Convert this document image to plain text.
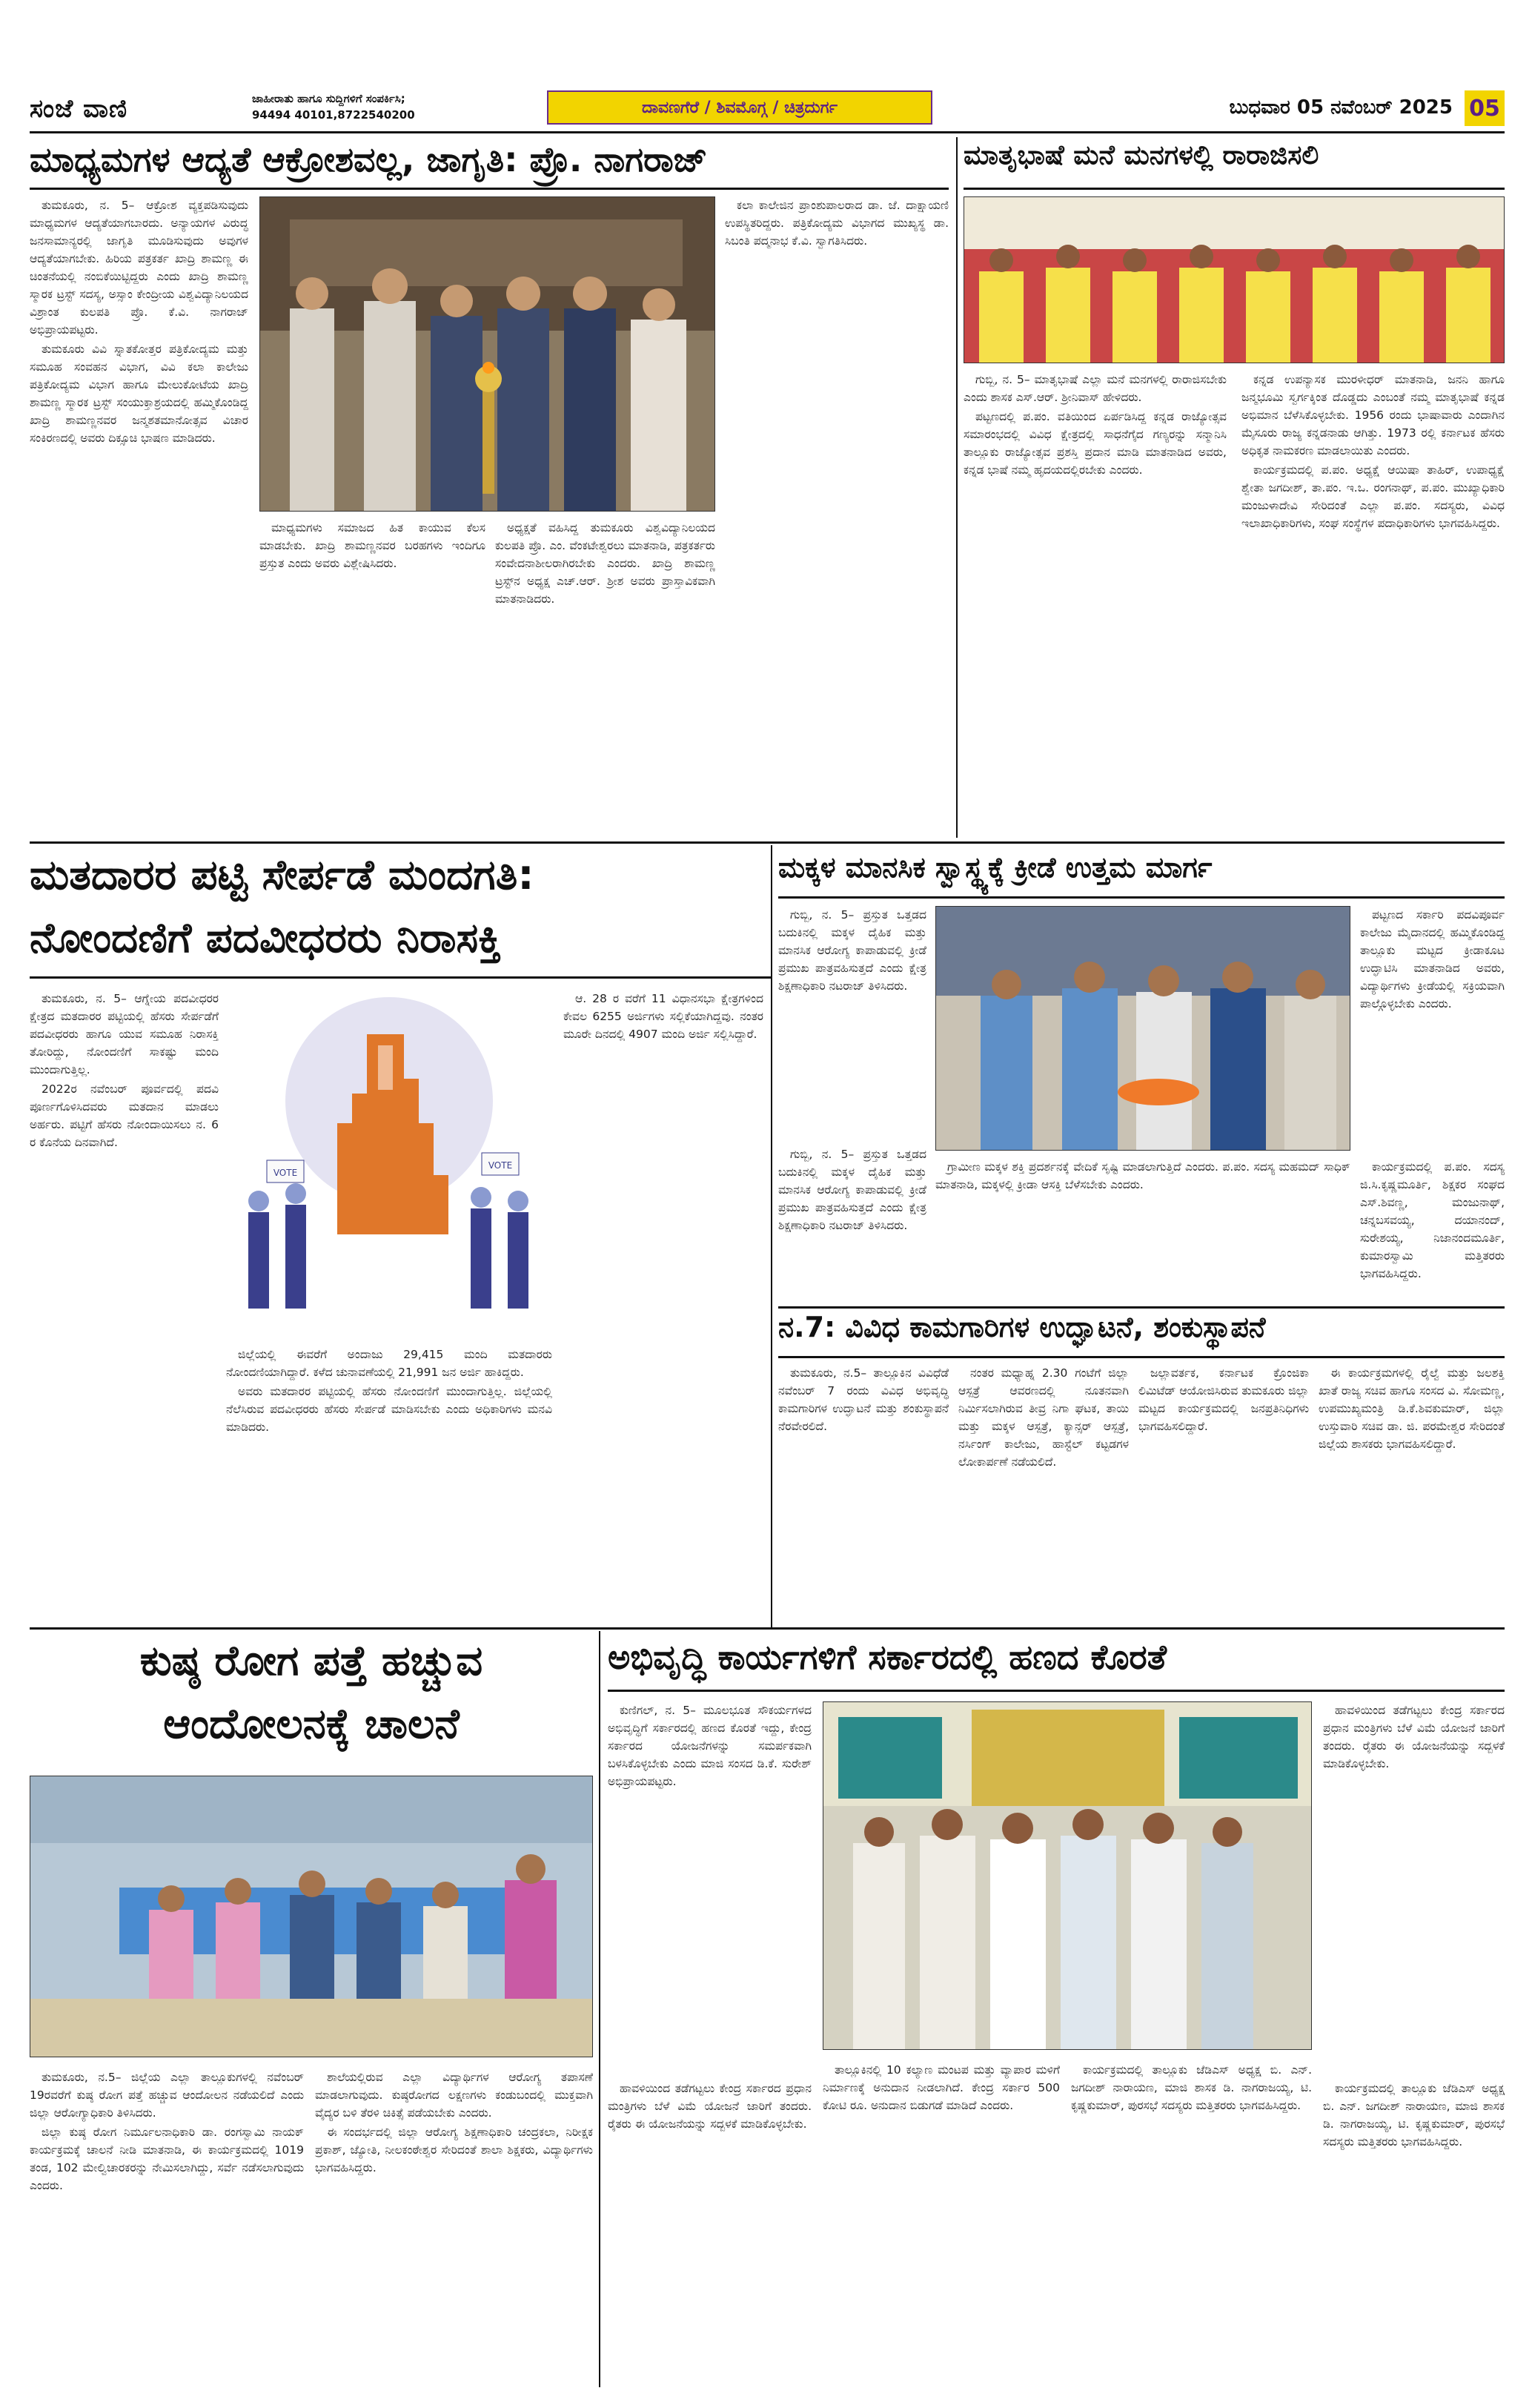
ಸಂಜೆ ವಾಣಿ	ಜಾಹೀರಾತು ಹಾಗೂ ಸುದ್ದಿಗಳಿಗೆ ಸಂಪರ್ಕಿಸಿ;
94494 40101,8722540200	ದಾವಣಗೆರೆ / ಶಿವಮೊಗ್ಗ / ಚಿತ್ರದುರ್ಗ	ಬುಧವಾರ 05 ನವೆಂಬರ್ 2025 05
ಮಾಧ್ಯಮಗಳ ಆದ್ಯತೆ ಆಕ್ರೋಶವಲ್ಲ, ಜಾಗೃತಿ: ಪ್ರೊ. ನಾಗರಾಜ್

ತುಮಕೂರು, ನ. 5– ಆಕ್ರೋಶ ವ್ಯಕ್ತಪಡಿಸುವುದು ಮಾಧ್ಯಮಗಳ ಆದ್ಯತೆಯಾಗಬಾರದು. ಅನ್ಯಾಯಗಳ ವಿರುದ್ಧ ಜನಸಾಮಾನ್ಯರಲ್ಲಿ ಜಾಗೃತಿ ಮೂಡಿಸುವುದು ಅವುಗಳ ಆದ್ಯತೆಯಾಗಬೇಕು. ಹಿರಿಯ ಪತ್ರಕರ್ತ ಖಾದ್ರಿ ಶಾಮಣ್ಣ ಈ ಚಿಂತನೆಯಲ್ಲಿ ನಂಬಿಕೆಯಿಟ್ಟಿದ್ದರು ಎಂದು ಖಾದ್ರಿ ಶಾಮಣ್ಣ ಸ್ಮಾರಕ ಟ್ರಸ್ಟ್ ಸದಸ್ಯ, ಅಸ್ಸಾಂ ಕೇಂದ್ರೀಯ ವಿಶ್ವವಿದ್ಯಾನಿಲಯದ ವಿಶ್ರಾಂತ ಕುಲಪತಿ ಪ್ರೊ. ಕೆ.ವಿ. ನಾಗರಾಜ್ ಅಭಿಪ್ರಾಯಪಟ್ಟರು.

ತುಮಕೂರು ವಿವಿ ಸ್ನಾತಕೋತ್ತರ ಪತ್ರಿಕೋದ್ಯಮ ಮತ್ತು ಸಮೂಹ ಸಂವಹನ ವಿಭಾಗ, ವಿವಿ ಕಲಾ ಕಾಲೇಜು ಪತ್ರಿಕೋದ್ಯಮ ವಿಭಾಗ ಹಾಗೂ ಮೇಲುಕೋಟೆಯ ಖಾದ್ರಿ ಶಾಮಣ್ಣ ಸ್ಮಾರಕ ಟ್ರಸ್ಟ್ ಸಂಯುಕ್ತಾಶ್ರಯದಲ್ಲಿ ಹಮ್ಮಿಕೊಂಡಿದ್ದ ಖಾದ್ರಿ ಶಾಮಣ್ಣನವರ ಜನ್ಮಶತಮಾನೋತ್ಸವ ವಿಚಾರ ಸಂಕಿರಣದಲ್ಲಿ ಅವರು ದಿಕ್ಸೂಚಿ ಭಾಷಣ ಮಾಡಿದರು.

ಮಾಧ್ಯಮಗಳು ಸಮಾಜದ ಹಿತ ಕಾಯುವ ಕೆಲಸ ಮಾಡಬೇಕು. ಖಾದ್ರಿ ಶಾಮಣ್ಣನವರ ಬರಹಗಳು ಇಂದಿಗೂ ಪ್ರಸ್ತುತ ಎಂದು ಅವರು ವಿಶ್ಲೇಷಿಸಿದರು.

ಅಧ್ಯಕ್ಷತೆ ವಹಿಸಿದ್ದ ತುಮಕೂರು ವಿಶ್ವವಿದ್ಯಾನಿಲಯದ ಕುಲಪತಿ ಪ್ರೊ. ಎಂ. ವೆಂಕಟೇಶ್ವರಲು ಮಾತನಾಡಿ, ಪತ್ರಕರ್ತರು ಸಂವೇದನಾಶೀಲರಾಗಿರಬೇಕು ಎಂದರು. ಖಾದ್ರಿ ಶಾಮಣ್ಣ ಟ್ರಸ್ಟ್‌ನ ಅಧ್ಯಕ್ಷ ಎಚ್.ಆರ್. ಶ್ರೀಶ ಅವರು ಪ್ರಾಸ್ತಾವಿಕವಾಗಿ ಮಾತನಾಡಿದರು.

ಕಲಾ ಕಾಲೇಜಿನ ಪ್ರಾಂಶುಪಾಲರಾದ ಡಾ. ಜೆ. ದಾಕ್ಷಾಯಣಿ ಉಪಸ್ಥಿತರಿದ್ದರು. ಪತ್ರಿಕೋದ್ಯಮ ವಿಭಾಗದ ಮುಖ್ಯಸ್ಥ ಡಾ. ಸಿಬಂತಿ ಪದ್ಮನಾಭ ಕೆ.ವಿ. ಸ್ವಾಗತಿಸಿದರು.

ಮಾತೃಭಾಷೆ ಮನೆ ಮನಗಳಲ್ಲಿ ರಾರಾಜಿಸಲಿ

ಗುಬ್ಬಿ, ನ. 5– ಮಾತೃಭಾಷೆ ಎಲ್ಲಾ ಮನೆ ಮನಗಳಲ್ಲಿ ರಾರಾಜಿಸಬೇಕು ಎಂದು ಶಾಸಕ ಎಸ್.ಆರ್. ಶ್ರೀನಿವಾಸ್ ಹೇಳಿದರು.

ಪಟ್ಟಣದಲ್ಲಿ ಪ.ಪಂ. ವತಿಯಿಂದ ಏರ್ಪಡಿಸಿದ್ದ ಕನ್ನಡ ರಾಜ್ಯೋತ್ಸವ ಸಮಾರಂಭದಲ್ಲಿ ವಿವಿಧ ಕ್ಷೇತ್ರದಲ್ಲಿ ಸಾಧನೆಗೈದ ಗಣ್ಯರನ್ನು ಸನ್ಮಾನಿಸಿ ತಾಲ್ಲೂಕು ರಾಜ್ಯೋತ್ಸವ ಪ್ರಶಸ್ತಿ ಪ್ರದಾನ ಮಾಡಿ ಮಾತನಾಡಿದ ಅವರು, ಕನ್ನಡ ಭಾಷೆ ನಮ್ಮ ಹೃದಯದಲ್ಲಿರಬೇಕು ಎಂದರು.

ಕನ್ನಡ ಉಪನ್ಯಾಸಕ ಮುರಳೀಧರ್ ಮಾತನಾಡಿ, ಜನನಿ ಹಾಗೂ ಜನ್ಮಭೂಮಿ ಸ್ವರ್ಗಕ್ಕಿಂತ ದೊಡ್ಡದು ಎಂಬಂತೆ ನಮ್ಮ ಮಾತೃಭಾಷೆ ಕನ್ನಡ ಅಭಿಮಾನ ಬೆಳೆಸಿಕೊಳ್ಳಬೇಕು. 1956 ರಂದು ಭಾಷಾವಾರು ಎಂದಾಗಿನ ಮೈಸೂರು ರಾಜ್ಯ ಕನ್ನಡನಾಡು ಆಗಿತ್ತು. 1973 ರಲ್ಲಿ ಕರ್ನಾಟಕ ಹೆಸರು ಅಧಿಕೃತ ನಾಮಕರಣ ಮಾಡಲಾಯಿತು ಎಂದರು.

ಕಾರ್ಯಕ್ರಮದಲ್ಲಿ ಪ.ಪಂ. ಅಧ್ಯಕ್ಷೆ ಆಯಿಷಾ ತಾಹಿರ್, ಉಪಾಧ್ಯಕ್ಷೆ ಶ್ವೇತಾ ಜಗದೀಶ್, ತಾ.ಪಂ. ಇ.ಒ. ರಂಗನಾಥ್, ಪ.ಪಂ. ಮುಖ್ಯಾಧಿಕಾರಿ ಮಂಜುಳಾದೇವಿ ಸೇರಿದಂತೆ ಎಲ್ಲಾ ಪ.ಪಂ. ಸದಸ್ಯರು, ವಿವಿಧ ಇಲಾಖಾಧಿಕಾರಿಗಳು, ಸಂಘ ಸಂಸ್ಥೆಗಳ ಪದಾಧಿಕಾರಿಗಳು ಭಾಗವಹಿಸಿದ್ದರು.

ಮತದಾರರ ಪಟ್ಟಿ ಸೇರ್ಪಡೆ ಮಂದಗತಿ:
ನೋಂದಣಿಗೆ ಪದವೀಧರರು ನಿರಾಸಕ್ತಿ

ತುಮಕೂರು, ನ. 5– ಆಗ್ನೇಯ ಪದವೀಧರರ ಕ್ಷೇತ್ರದ ಮತದಾರರ ಪಟ್ಟಿಯಲ್ಲಿ ಹೆಸರು ಸೇರ್ಪಡೆಗೆ ಪದವೀಧರರು ಹಾಗೂ ಯುವ ಸಮೂಹ ನಿರಾಸಕ್ತಿ ತೋರಿದ್ದು, ನೋಂದಣಿಗೆ ಸಾಕಷ್ಟು ಮಂದಿ ಮುಂದಾಗುತ್ತಿಲ್ಲ.

2022ರ ನವೆಂಬರ್ ಪೂರ್ವದಲ್ಲಿ ಪದವಿ ಪೂರ್ಣಗೊಳಿಸಿದವರು ಮತದಾನ ಮಾಡಲು ಅರ್ಹರು. ಪಟ್ಟಿಗೆ ಹೆಸರು ನೋಂದಾಯಿಸಲು ನ. 6 ರ ಕೊನೆಯ ದಿನವಾಗಿದೆ.

VOTE
VOTE

ಜಿಲ್ಲೆಯಲ್ಲಿ ಈವರೆಗೆ ಅಂದಾಜು 29,415 ಮಂದಿ ಮತದಾರರು ನೋಂದಣಿಯಾಗಿದ್ದಾರೆ. ಕಳೆದ ಚುನಾವಣೆಯಲ್ಲಿ 21,991 ಜನ ಅರ್ಜಿ ಹಾಕಿದ್ದರು.

ಅವರು ಮತದಾರರ ಪಟ್ಟಿಯಲ್ಲಿ ಹೆಸರು ನೋಂದಣಿಗೆ ಮುಂದಾಗುತ್ತಿಲ್ಲ. ಜಿಲ್ಲೆಯಲ್ಲಿ ನೆಲೆಸಿರುವ ಪದವೀಧರರು ಹೆಸರು ಸೇರ್ಪಡೆ ಮಾಡಿಸಬೇಕು ಎಂದು ಅಧಿಕಾರಿಗಳು ಮನವಿ ಮಾಡಿದರು.

ಆ. 28 ರ ವರೆಗೆ 11 ವಿಧಾನಸಭಾ ಕ್ಷೇತ್ರಗಳಿಂದ ಕೇವಲ 6255 ಅರ್ಜಿಗಳು ಸಲ್ಲಿಕೆಯಾಗಿದ್ದವು. ನಂತರ ಮೂರೇ ದಿನದಲ್ಲಿ 4907 ಮಂದಿ ಅರ್ಜಿ ಸಲ್ಲಿಸಿದ್ದಾರೆ.

ಮಕ್ಕಳ ಮಾನಸಿಕ ಸ್ವಾಸ್ಥ್ಯಕ್ಕೆ ಕ್ರೀಡೆ ಉತ್ತಮ ಮಾರ್ಗ

ಗುಬ್ಬಿ, ನ. 5– ಪ್ರಸ್ತುತ ಒತ್ತಡದ ಬದುಕಿನಲ್ಲಿ ಮಕ್ಕಳ ದೈಹಿಕ ಮತ್ತು ಮಾನಸಿಕ ಆರೋಗ್ಯ ಕಾಪಾಡುವಲ್ಲಿ ಕ್ರೀಡೆ ಪ್ರಮುಖ ಪಾತ್ರವಹಿಸುತ್ತದೆ ಎಂದು ಕ್ಷೇತ್ರ ಶಿಕ್ಷಣಾಧಿಕಾರಿ ನಟರಾಜ್ ತಿಳಿಸಿದರು.

ಪಟ್ಟಣದ ಸರ್ಕಾರಿ ಪದವಿಪೂರ್ವ ಕಾಲೇಜು ಮೈದಾನದಲ್ಲಿ ಹಮ್ಮಿಕೊಂಡಿದ್ದ ತಾಲ್ಲೂಕು ಮಟ್ಟದ ಕ್ರೀಡಾಕೂಟ ಉದ್ಘಾಟಿಸಿ ಮಾತನಾಡಿದ ಅವರು, ವಿದ್ಯಾರ್ಥಿಗಳು ಕ್ರೀಡೆಯಲ್ಲಿ ಸಕ್ರಿಯವಾಗಿ ಪಾಲ್ಗೊಳ್ಳಬೇಕು ಎಂದರು.

ಗುಬ್ಬಿ, ನ. 5– ಪ್ರಸ್ತುತ ಒತ್ತಡದ ಬದುಕಿನಲ್ಲಿ ಮಕ್ಕಳ ದೈಹಿಕ ಮತ್ತು ಮಾನಸಿಕ ಆರೋಗ್ಯ ಕಾಪಾಡುವಲ್ಲಿ ಕ್ರೀಡೆ ಪ್ರಮುಖ ಪಾತ್ರವಹಿಸುತ್ತದೆ ಎಂದು ಕ್ಷೇತ್ರ ಶಿಕ್ಷಣಾಧಿಕಾರಿ ನಟರಾಜ್ ತಿಳಿಸಿದರು.

ಗ್ರಾಮೀಣ ಮಕ್ಕಳ ಶಕ್ತಿ ಪ್ರದರ್ಶನಕ್ಕೆ ವೇದಿಕೆ ಸೃಷ್ಟಿ ಮಾಡಲಾಗುತ್ತಿದೆ ಎಂದರು. ಪ.ಪಂ. ಸದಸ್ಯ ಮಹಮದ್ ಸಾಧಿಕ್ ಮಾತನಾಡಿ, ಮಕ್ಕಳಲ್ಲಿ ಕ್ರೀಡಾ ಆಸಕ್ತಿ ಬೆಳೆಸಬೇಕು ಎಂದರು.

ಕಾರ್ಯಕ್ರಮದಲ್ಲಿ ಪ.ಪಂ. ಸದಸ್ಯ ಜಿ.ಸಿ.ಕೃಷ್ಣಮೂರ್ತಿ, ಶಿಕ್ಷಕರ ಸಂಘದ ಎಸ್.ಶಿವಣ್ಣ, ಮಂಜುನಾಥ್, ಚನ್ನಬಸವಯ್ಯ, ದಯಾನಂದ್, ಸುರೇಶಯ್ಯ, ನಿಜಾನಂದಮೂರ್ತಿ, ಕುಮಾರಸ್ವಾಮಿ ಮತ್ತಿತರರು ಭಾಗವಹಿಸಿದ್ದರು.

ನ.7: ವಿವಿಧ ಕಾಮಗಾರಿಗಳ ಉದ್ಘಾಟನೆ, ಶಂಕುಸ್ಥಾಪನೆ

ತುಮಕೂರು, ನ.5– ತಾಲ್ಲೂಕಿನ ವಿವಿಧೆಡೆ ನವೆಂಬರ್ 7 ರಂದು ವಿವಿಧ ಅಭಿವೃದ್ಧಿ ಕಾಮಗಾರಿಗಳ ಉದ್ಘಾಟನೆ ಮತ್ತು ಶಂಕುಸ್ಥಾಪನೆ ನೆರವೇರಲಿದೆ.

ನಂತರ ಮಧ್ಯಾಹ್ನ 2.30 ಗಂಟೆಗೆ ಜಿಲ್ಲಾ ಆಸ್ಪತ್ರೆ ಆವರಣದಲ್ಲಿ ನೂತನವಾಗಿ ನಿರ್ಮಿಸಲಾಗಿರುವ ತೀವ್ರ ನಿಗಾ ಘಟಕ, ತಾಯಿ ಮತ್ತು ಮಕ್ಕಳ ಆಸ್ಪತ್ರೆ, ಕ್ಯಾನ್ಸರ್ ಆಸ್ಪತ್ರೆ, ನರ್ಸಿಂಗ್ ಕಾಲೇಜು, ಹಾಸ್ಟೆಲ್ ಕಟ್ಟಡಗಳ ಲೋಕಾರ್ಪಣೆ ನಡೆಯಲಿದೆ.

ಜಲ್ಲಾವರ್ತಕ, ಕರ್ನಾಟಕ ಕ್ರೊಂಜಿಕಾ ಲಿಮಿಟೆಡ್ ಆಯೋಜಿಸಿರುವ ತುಮಕೂರು ಜಿಲ್ಲಾ ಮಟ್ಟದ ಕಾರ್ಯಕ್ರಮದಲ್ಲಿ ಜನಪ್ರತಿನಿಧಿಗಳು ಭಾಗವಹಿಸಲಿದ್ದಾರೆ.

ಈ ಕಾರ್ಯಕ್ರಮಗಳಲ್ಲಿ ರೈಲ್ವೆ ಮತ್ತು ಜಲಶಕ್ತಿ ಖಾತೆ ರಾಜ್ಯ ಸಚಿವ ಹಾಗೂ ಸಂಸದ ವಿ. ಸೋಮಣ್ಣ, ಉಪಮುಖ್ಯಮಂತ್ರಿ ಡಿ.ಕೆ.ಶಿವಕುಮಾರ್, ಜಿಲ್ಲಾ ಉಸ್ತುವಾರಿ ಸಚಿವ ಡಾ. ಜಿ. ಪರಮೇಶ್ವರ ಸೇರಿದಂತೆ ಜಿಲ್ಲೆಯ ಶಾಸಕರು ಭಾಗವಹಿಸಲಿದ್ದಾರೆ.

ಕುಷ್ಠ ರೋಗ ಪತ್ತೆ ಹಚ್ಚುವ
ಆಂದೋಲನಕ್ಕೆ ಚಾಲನೆ

ತುಮಕೂರು, ನ.5– ಜಿಲ್ಲೆಯ ಎಲ್ಲಾ ತಾಲ್ಲೂಕುಗಳಲ್ಲಿ ನವೆಂಬರ್ 19ರವರೆಗೆ ಕುಷ್ಠ ರೋಗ ಪತ್ತೆ ಹಚ್ಚುವ ಆಂದೋಲನ ನಡೆಯಲಿದೆ ಎಂದು ಜಿಲ್ಲಾ ಆರೋಗ್ಯಾಧಿಕಾರಿ ತಿಳಿಸಿದರು.

ಜಿಲ್ಲಾ ಕುಷ್ಠ ರೋಗ ನಿರ್ಮೂಲನಾಧಿಕಾರಿ ಡಾ. ರಂಗಸ್ವಾಮಿ ನಾಯಕ್ ಕಾರ್ಯಕ್ರಮಕ್ಕೆ ಚಾಲನೆ ನೀಡಿ ಮಾತನಾಡಿ, ಈ ಕಾರ್ಯಕ್ರಮದಲ್ಲಿ 1019 ತಂಡ, 102 ಮೇಲ್ವಿಚಾರಕರನ್ನು ನೇಮಿಸಲಾಗಿದ್ದು, ಸರ್ವೆ ನಡೆಸಲಾಗುವುದು ಎಂದರು.

ಶಾಲೆಯಲ್ಲಿರುವ ಎಲ್ಲಾ ವಿದ್ಯಾರ್ಥಿಗಳ ಆರೋಗ್ಯ ತಪಾಸಣೆ ಮಾಡಲಾಗುವುದು. ಕುಷ್ಠರೋಗದ ಲಕ್ಷಣಗಳು ಕಂಡುಬಂದಲ್ಲಿ ಮುಕ್ತವಾಗಿ ವೈದ್ಯರ ಬಳಿ ತೆರಳಿ ಚಿಕಿತ್ಸೆ ಪಡೆಯಬೇಕು ಎಂದರು.

ಈ ಸಂದರ್ಭದಲ್ಲಿ ಜಿಲ್ಲಾ ಆರೋಗ್ಯ ಶಿಕ್ಷಣಾಧಿಕಾರಿ ಚಂದ್ರಕಲಾ, ನಿರೀಕ್ಷಕ ಪ್ರಕಾಶ್, ಜ್ಯೋತಿ, ನೀಲಕಂಠೇಶ್ವರ ಸೇರಿದಂತೆ ಶಾಲಾ ಶಿಕ್ಷಕರು, ವಿದ್ಯಾರ್ಥಿಗಳು ಭಾಗವಹಿಸಿದ್ದರು.

ಅಭಿವೃದ್ಧಿ ಕಾರ್ಯಗಳಿಗೆ ಸರ್ಕಾರದಲ್ಲಿ ಹಣದ ಕೊರತೆ

ಕುಣಿಗಲ್, ನ. 5– ಮೂಲಭೂತ ಸೌಕರ್ಯಗಳದ ಅಭಿವೃದ್ಧಿಗೆ ಸರ್ಕಾರದಲ್ಲಿ ಹಣದ ಕೊರತೆ ಇದ್ದು, ಕೇಂದ್ರ ಸರ್ಕಾರದ ಯೋಜನೆಗಳನ್ನು ಸಮರ್ಪಕವಾಗಿ ಬಳಸಿಕೊಳ್ಳಬೇಕು ಎಂದು ಮಾಜಿ ಸಂಸದ ಡಿ.ಕೆ. ಸುರೇಶ್ ಅಭಿಪ್ರಾಯಪಟ್ಟರು.

ಹಾವಳಿಯಿಂದ ತಡೆಗಟ್ಟಲು ಕೇಂದ್ರ ಸರ್ಕಾರದ ಪ್ರಧಾನ ಮಂತ್ರಿಗಳು ಬೆಳೆ ವಿಮೆ ಯೋಜನೆ ಜಾರಿಗೆ ತಂದರು. ರೈತರು ಈ ಯೋಜನೆಯನ್ನು ಸದ್ಬಳಕೆ ಮಾಡಿಕೊಳ್ಳಬೇಕು.

ತಾಲ್ಲೂಕಿನಲ್ಲಿ 10 ಕಲ್ಯಾಣ ಮಂಟಪ ಮತ್ತು ವ್ಯಾಪಾರ ಮಳಿಗೆ ನಿರ್ಮಾಣಕ್ಕೆ ಅನುದಾನ ನೀಡಲಾಗಿದೆ. ಕೇಂದ್ರ ಸರ್ಕಾರ 500 ಕೋಟಿ ರೂ. ಅನುದಾನ ಬಿಡುಗಡೆ ಮಾಡಿದೆ ಎಂದರು.

ಕಾರ್ಯಕ್ರಮದಲ್ಲಿ ತಾಲ್ಲೂಕು ಜೆಡಿಎಸ್ ಅಧ್ಯಕ್ಷ ಬಿ. ಎನ್. ಜಗದೀಶ್ ನಾರಾಯಣ, ಮಾಜಿ ಶಾಸಕ ಡಿ. ನಾಗರಾಜಯ್ಯ, ಟಿ. ಕೃಷ್ಣಕುಮಾರ್, ಪುರಸಭೆ ಸದಸ್ಯರು ಮತ್ತಿತರರು ಭಾಗವಹಿಸಿದ್ದರು.

ಹಾವಳಿಯಿಂದ ತಡೆಗಟ್ಟಲು ಕೇಂದ್ರ ಸರ್ಕಾರದ ಪ್ರಧಾನ ಮಂತ್ರಿಗಳು ಬೆಳೆ ವಿಮೆ ಯೋಜನೆ ಜಾರಿಗೆ ತಂದರು. ರೈತರು ಈ ಯೋಜನೆಯನ್ನು ಸದ್ಬಳಕೆ ಮಾಡಿಕೊಳ್ಳಬೇಕು.

ಕಾರ್ಯಕ್ರಮದಲ್ಲಿ ತಾಲ್ಲೂಕು ಜೆಡಿಎಸ್ ಅಧ್ಯಕ್ಷ ಬಿ. ಎನ್. ಜಗದೀಶ್ ನಾರಾಯಣ, ಮಾಜಿ ಶಾಸಕ ಡಿ. ನಾಗರಾಜಯ್ಯ, ಟಿ. ಕೃಷ್ಣಕುಮಾರ್, ಪುರಸಭೆ ಸದಸ್ಯರು ಮತ್ತಿತರರು ಭಾಗವಹಿಸಿದ್ದರು.
